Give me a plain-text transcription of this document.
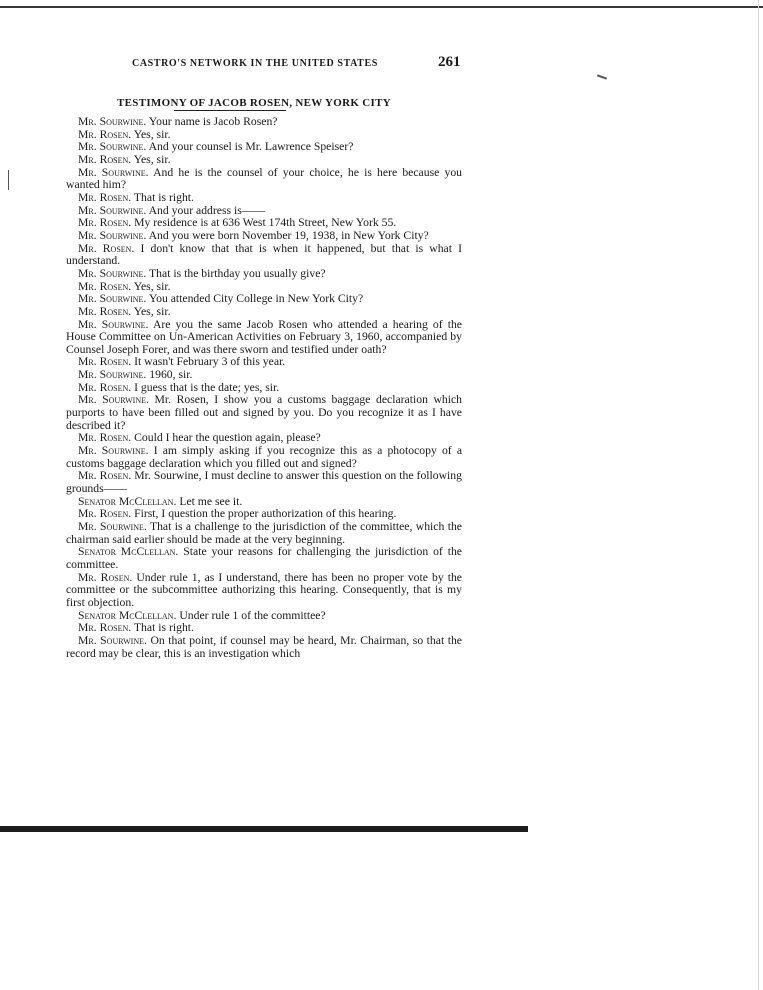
CASTRO'S NETWORK IN THE UNITED STATES	261
TESTIMONY OF JACOB ROSEN, NEW YORK CITY

Mr. Sourwine. Your name is Jacob Rosen?

Mr. Rosen. Yes, sir.

Mr. Sourwine. And your counsel is Mr. Lawrence Speiser?

Mr. Rosen. Yes, sir.

Mr. Sourwine. And he is the counsel of your choice, he is here because you wanted him?

Mr. Rosen. That is right.

Mr. Sourwine. And your address is——

Mr. Rosen. My residence is at 636 West 174th Street, New York 55.

Mr. Sourwine. And you were born November 19, 1938, in New York City?

Mr. Rosen. I don't know that that is when it happened, but that is what I understand.

Mr. Sourwine. That is the birthday you usually give?

Mr. Rosen. Yes, sir.

Mr. Sourwine. You attended City College in New York City?

Mr. Rosen. Yes, sir.

Mr. Sourwine. Are you the same Jacob Rosen who attended a hearing of the House Committee on Un-American Activities on February 3, 1960, accompanied by Counsel Joseph Forer, and was there sworn and testified under oath?

Mr. Rosen. It wasn't February 3 of this year.

Mr. Sourwine. 1960, sir.

Mr. Rosen. I guess that is the date; yes, sir.

Mr. Sourwine. Mr. Rosen, I show you a customs baggage declaration which purports to have been filled out and signed by you. Do you recognize it as I have described it?

Mr. Rosen. Could I hear the question again, please?

Mr. Sourwine. I am simply asking if you recognize this as a photocopy of a customs baggage declaration which you filled out and signed?

Mr. Rosen. Mr. Sourwine, I must decline to answer this question on the following grounds——

Senator McClellan. Let me see it.

Mr. Rosen. First, I question the proper authorization of this hearing.

Mr. Sourwine. That is a challenge to the jurisdiction of the committee, which the chairman said earlier should be made at the very beginning.

Senator McClellan. State your reasons for challenging the jurisdiction of the committee.

Mr. Rosen. Under rule 1, as I understand, there has been no proper vote by the committee or the subcommittee authorizing this hearing. Consequently, that is my first objection.

Senator McClellan. Under rule 1 of the committee?

Mr. Rosen. That is right.

Mr. Sourwine. On that point, if counsel may be heard, Mr. Chairman, so that the record may be clear, this is an investigation which
